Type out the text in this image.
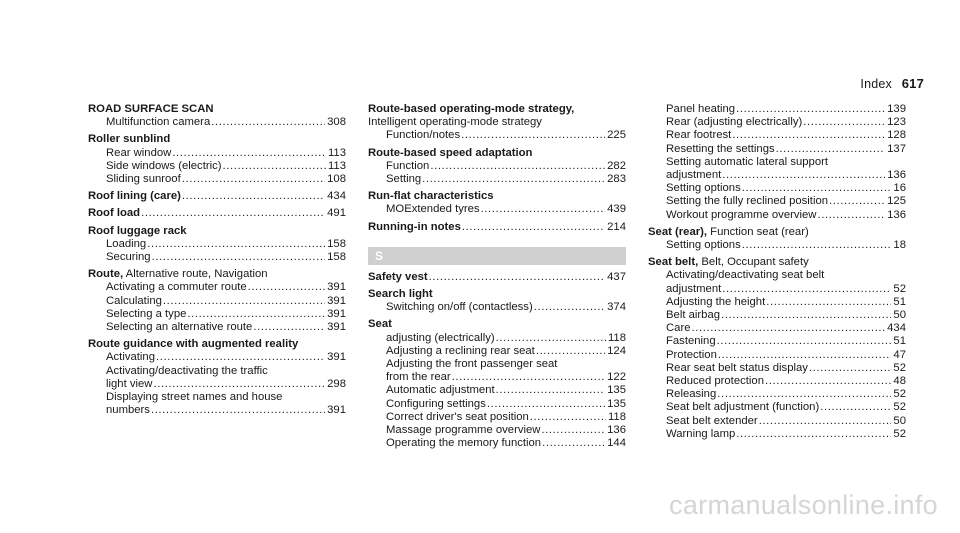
Index 617
ROAD SURFACE SCAN
Multifunction camera .....	308
Roller sunblind
Rear window .....	113
Side windows (electric) .....	113
Sliding sunroof .....	108
Roof lining (care) .....	434
Roof load .....	491
Roof luggage rack
Loading .....	158
Securing .....	158
Route, Alternative route, Navigation
Activating a commuter route .....	391
Calculating .....	391
Selecting a type .....	391
Selecting an alternative route .....	391
Route guidance with augmented reality
Activating .....	391
Activating/deactivating the traffic
light view .....	298
Displaying street names and house
numbers .....	391
Route-based operating-mode strategy,
Intelligent operating-mode strategy
Function/notes .....	225
Route-based speed adaptation
Function .....	282
Setting .....	283
Run-flat characteristics
MOExtended tyres .....	439
Running-in notes .....	214
S
Safety vest .....	437
Search light
Switching on/off (contactless) .....	374
Seat
adjusting (electrically) .....	118
Adjusting a reclining rear seat .....	124
Adjusting the front passenger seat
from the rear .....	122
Automatic adjustment .....	135
Configuring settings .....	135
Correct driver's seat position .....	118
Massage programme overview .....	136
Operating the memory function .....	144
Panel heating .....	139
Rear (adjusting electrically) .....	123
Rear footrest .....	128
Resetting the settings .....	137
Setting automatic lateral support
adjustment .....	136
Setting options .....	16
Setting the fully reclined position .....	125
Workout programme overview .....	136
Seat (rear), Function seat (rear)
Setting options .....	18
Seat belt, Belt, Occupant safety
Activating/deactivating seat belt
adjustment .....	52
Adjusting the height .....	51
Belt airbag .....	50
Care .....	434
Fastening .....	51
Protection .....	47
Rear seat belt status display .....	52
Reduced protection .....	48
Releasing .....	52
Seat belt adjustment (function) .....	52
Seat belt extender .....	50
Warning lamp .....	52
carmanualsonline.info
